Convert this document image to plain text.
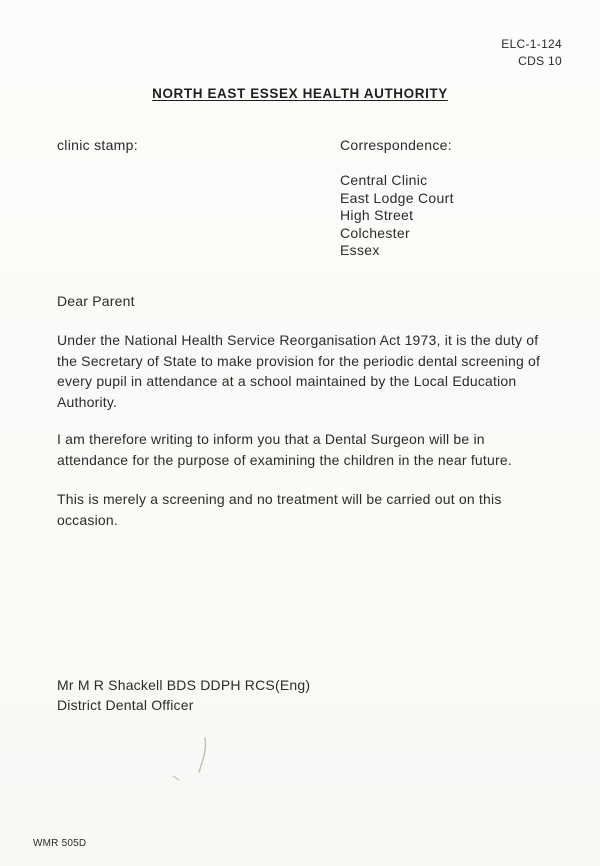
ELC-1-124
CDS 10
NORTH EAST ESSEX HEALTH AUTHORITY
clinic stamp:	Correspondence:
Central Clinic
East Lodge Court
High Street
Colchester
Essex
Dear Parent
Under the National Health Service Reorganisation Act 1973, it is the duty of the Secretary of State to make provision for the periodic dental screening of every pupil in attendance at a school maintained by the Local Education Authority.
I am therefore writing to inform you that a Dental Surgeon will be in attendance for the purpose of examining the children in the near future.
This is merely a screening and no treatment will be carried out on this occasion.
Mr M R Shackell BDS DDPH RCS(Eng)
District Dental Officer
WMR 505D
